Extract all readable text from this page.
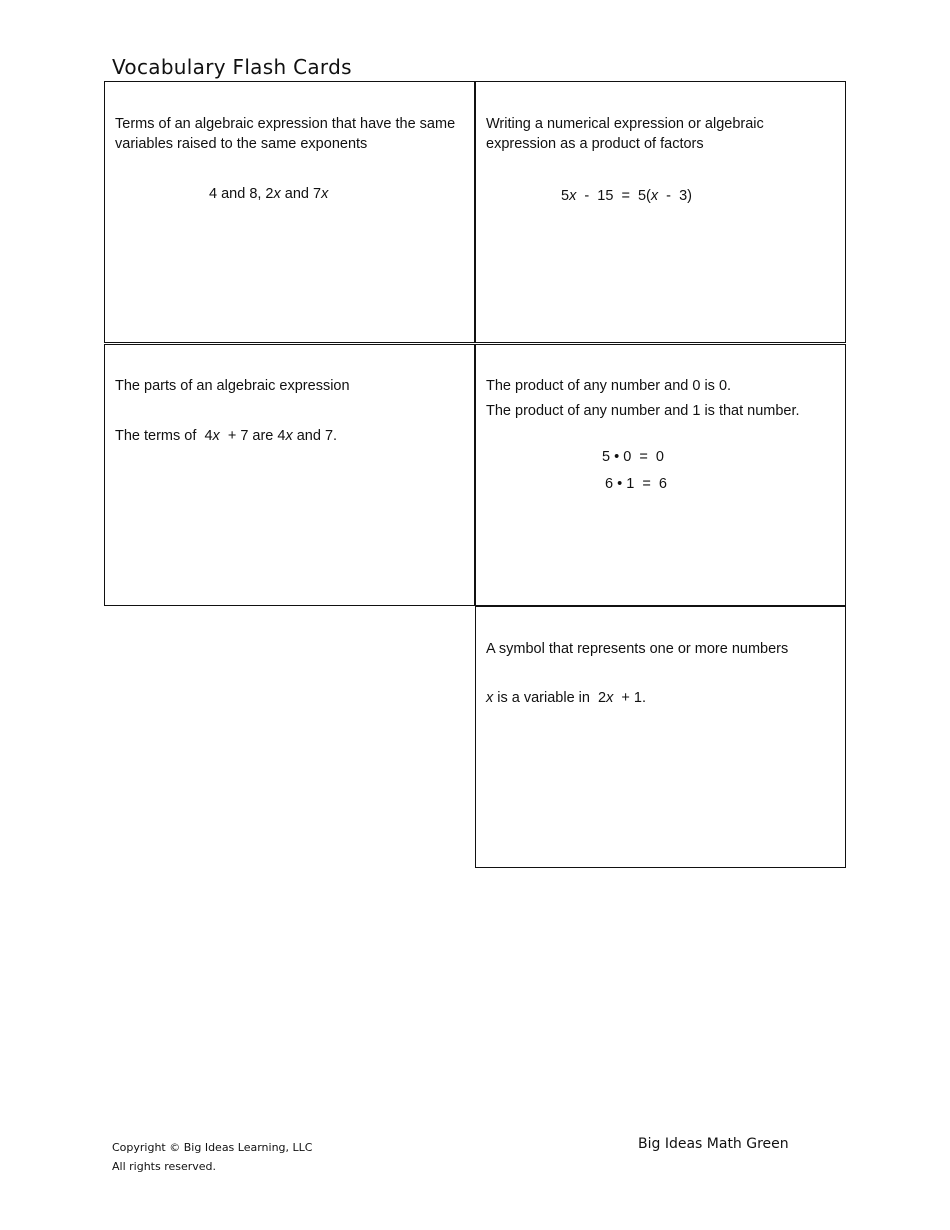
Vocabulary Flash Cards
Terms of an algebraic expression that have the same variables raised to the same exponents
4 and 8, 2x and 7x
Writing a numerical expression or algebraic expression as a product of factors
5x  -  15  =  5(x  -  3)
The parts of an algebraic expression
The terms of  4x  + 7 are 4x and 7.
The product of any number and 0 is 0.
The product of any number and 1 is that number.
5 • 0  =  0
6 • 1  =  6
A symbol that represents one or more numbers
x is a variable in  2x  + 1.
Copyright © Big Ideas Learning, LLC
All rights reserved.
Big Ideas Math Green
